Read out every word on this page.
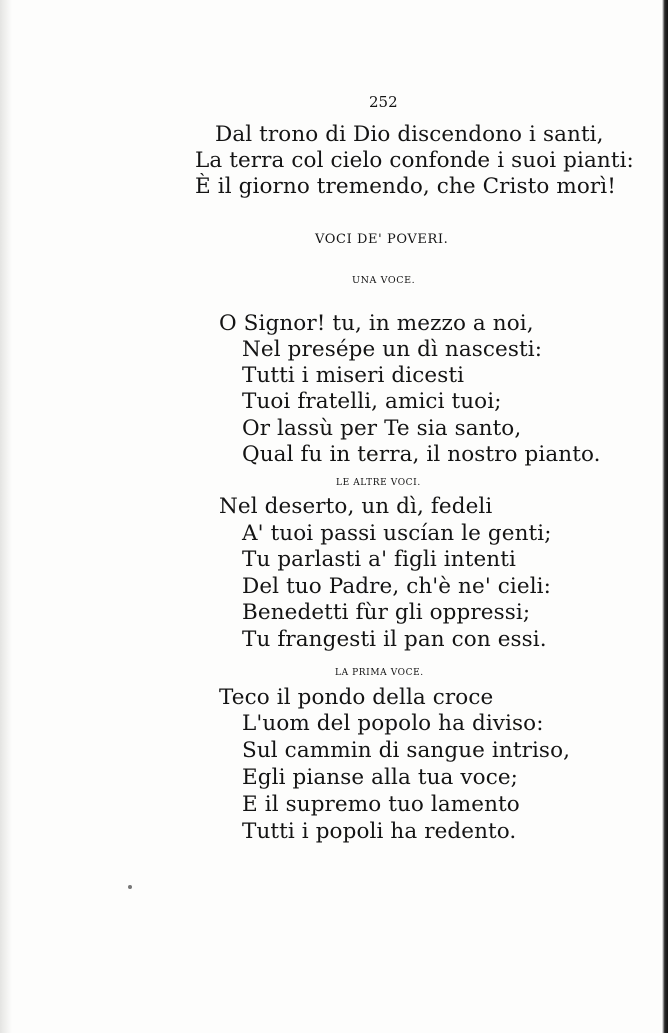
252

Dal trono di Dio discendono i santi,

La terra col cielo confonde i suoi pianti:

È il giorno tremendo, che Cristo morì!

VOCI DE' POVERI.

UNA VOCE.

O Signor! tu, in mezzo a noi,

Nel presépe un dì nascesti:

Tutti i miseri dicesti

Tuoi fratelli, amici tuoi;

Or lassù per Te sia santo,

Qual fu in terra, il nostro pianto.

LE ALTRE VOCI.

Nel deserto, un dì, fedeli

A' tuoi passi uscían le genti;

Tu parlasti a' figli intenti

Del tuo Padre, ch'è ne' cieli:

Benedetti fùr gli oppressi;

Tu frangesti il pan con essi.

LA PRIMA VOCE.

Teco il pondo della croce

L'uom del popolo ha diviso:

Sul cammin di sangue intriso,

Egli pianse alla tua voce;

E il supremo tuo lamento

Tutti i popoli ha redento.
